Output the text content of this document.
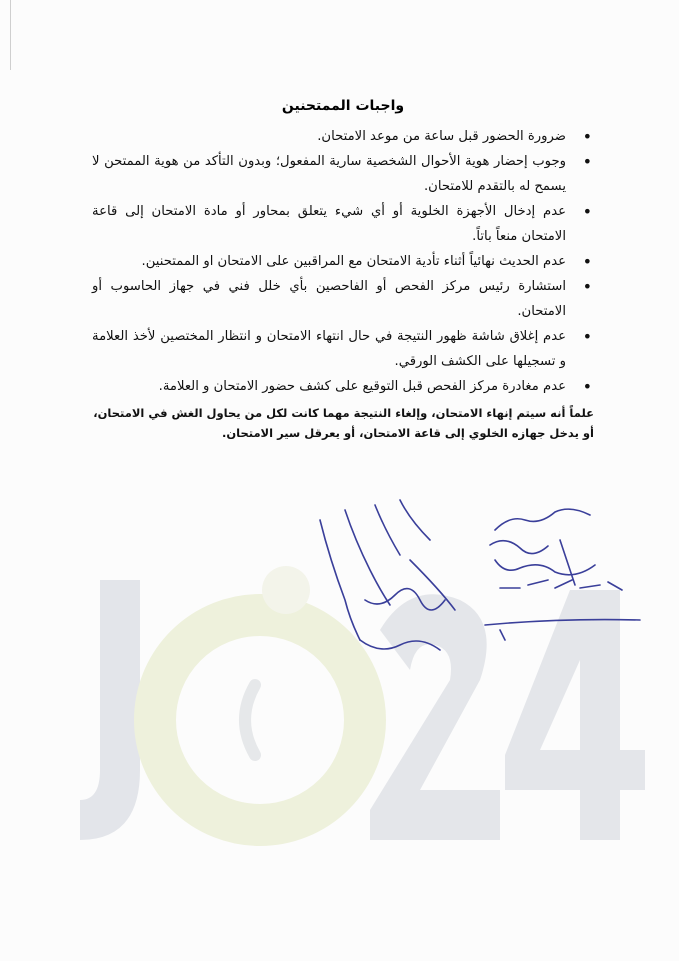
واجبات الممتحنين
• ضرورة الحضور قبل ساعة من موعد الامتحان.
• وجوب إحضار هوية الأحوال الشخصية سارية المفعول؛ وبدون التأكد من هوية الممتحن لا يسمح له بالتقدم للامتحان.
• عدم إدخال الأجهزة الخلوية أو أي شيء يتعلق بمحاور أو مادة الامتحان إلى قاعة الامتحان منعاً باتاً.
• عدم الحديث نهائياً أثناء تأدية الامتحان مع المراقبين على الامتحان او الممتحنين.
• استشارة رئيس مركز الفحص أو الفاحصين بأي خلل فني في جهاز الحاسوب أو الامتحان.
• عدم إغلاق شاشة ظهور النتيجة في حال انتهاء الامتحان و انتظار المختصين لأخذ العلامة و تسجيلها على الكشف الورقي.
• عدم مغادرة مركز الفحص قبل التوقيع على كشف حضور الامتحان و العلامة.
علماً أنه سيتم إنهاء الامتحان، وإلغاء النتيجة مهما كانت لكل من يحاول الغش في الامتحان، أو يدخل جهازه الخلوي إلى قاعة الامتحان، أو يعرقل سير الامتحان.
